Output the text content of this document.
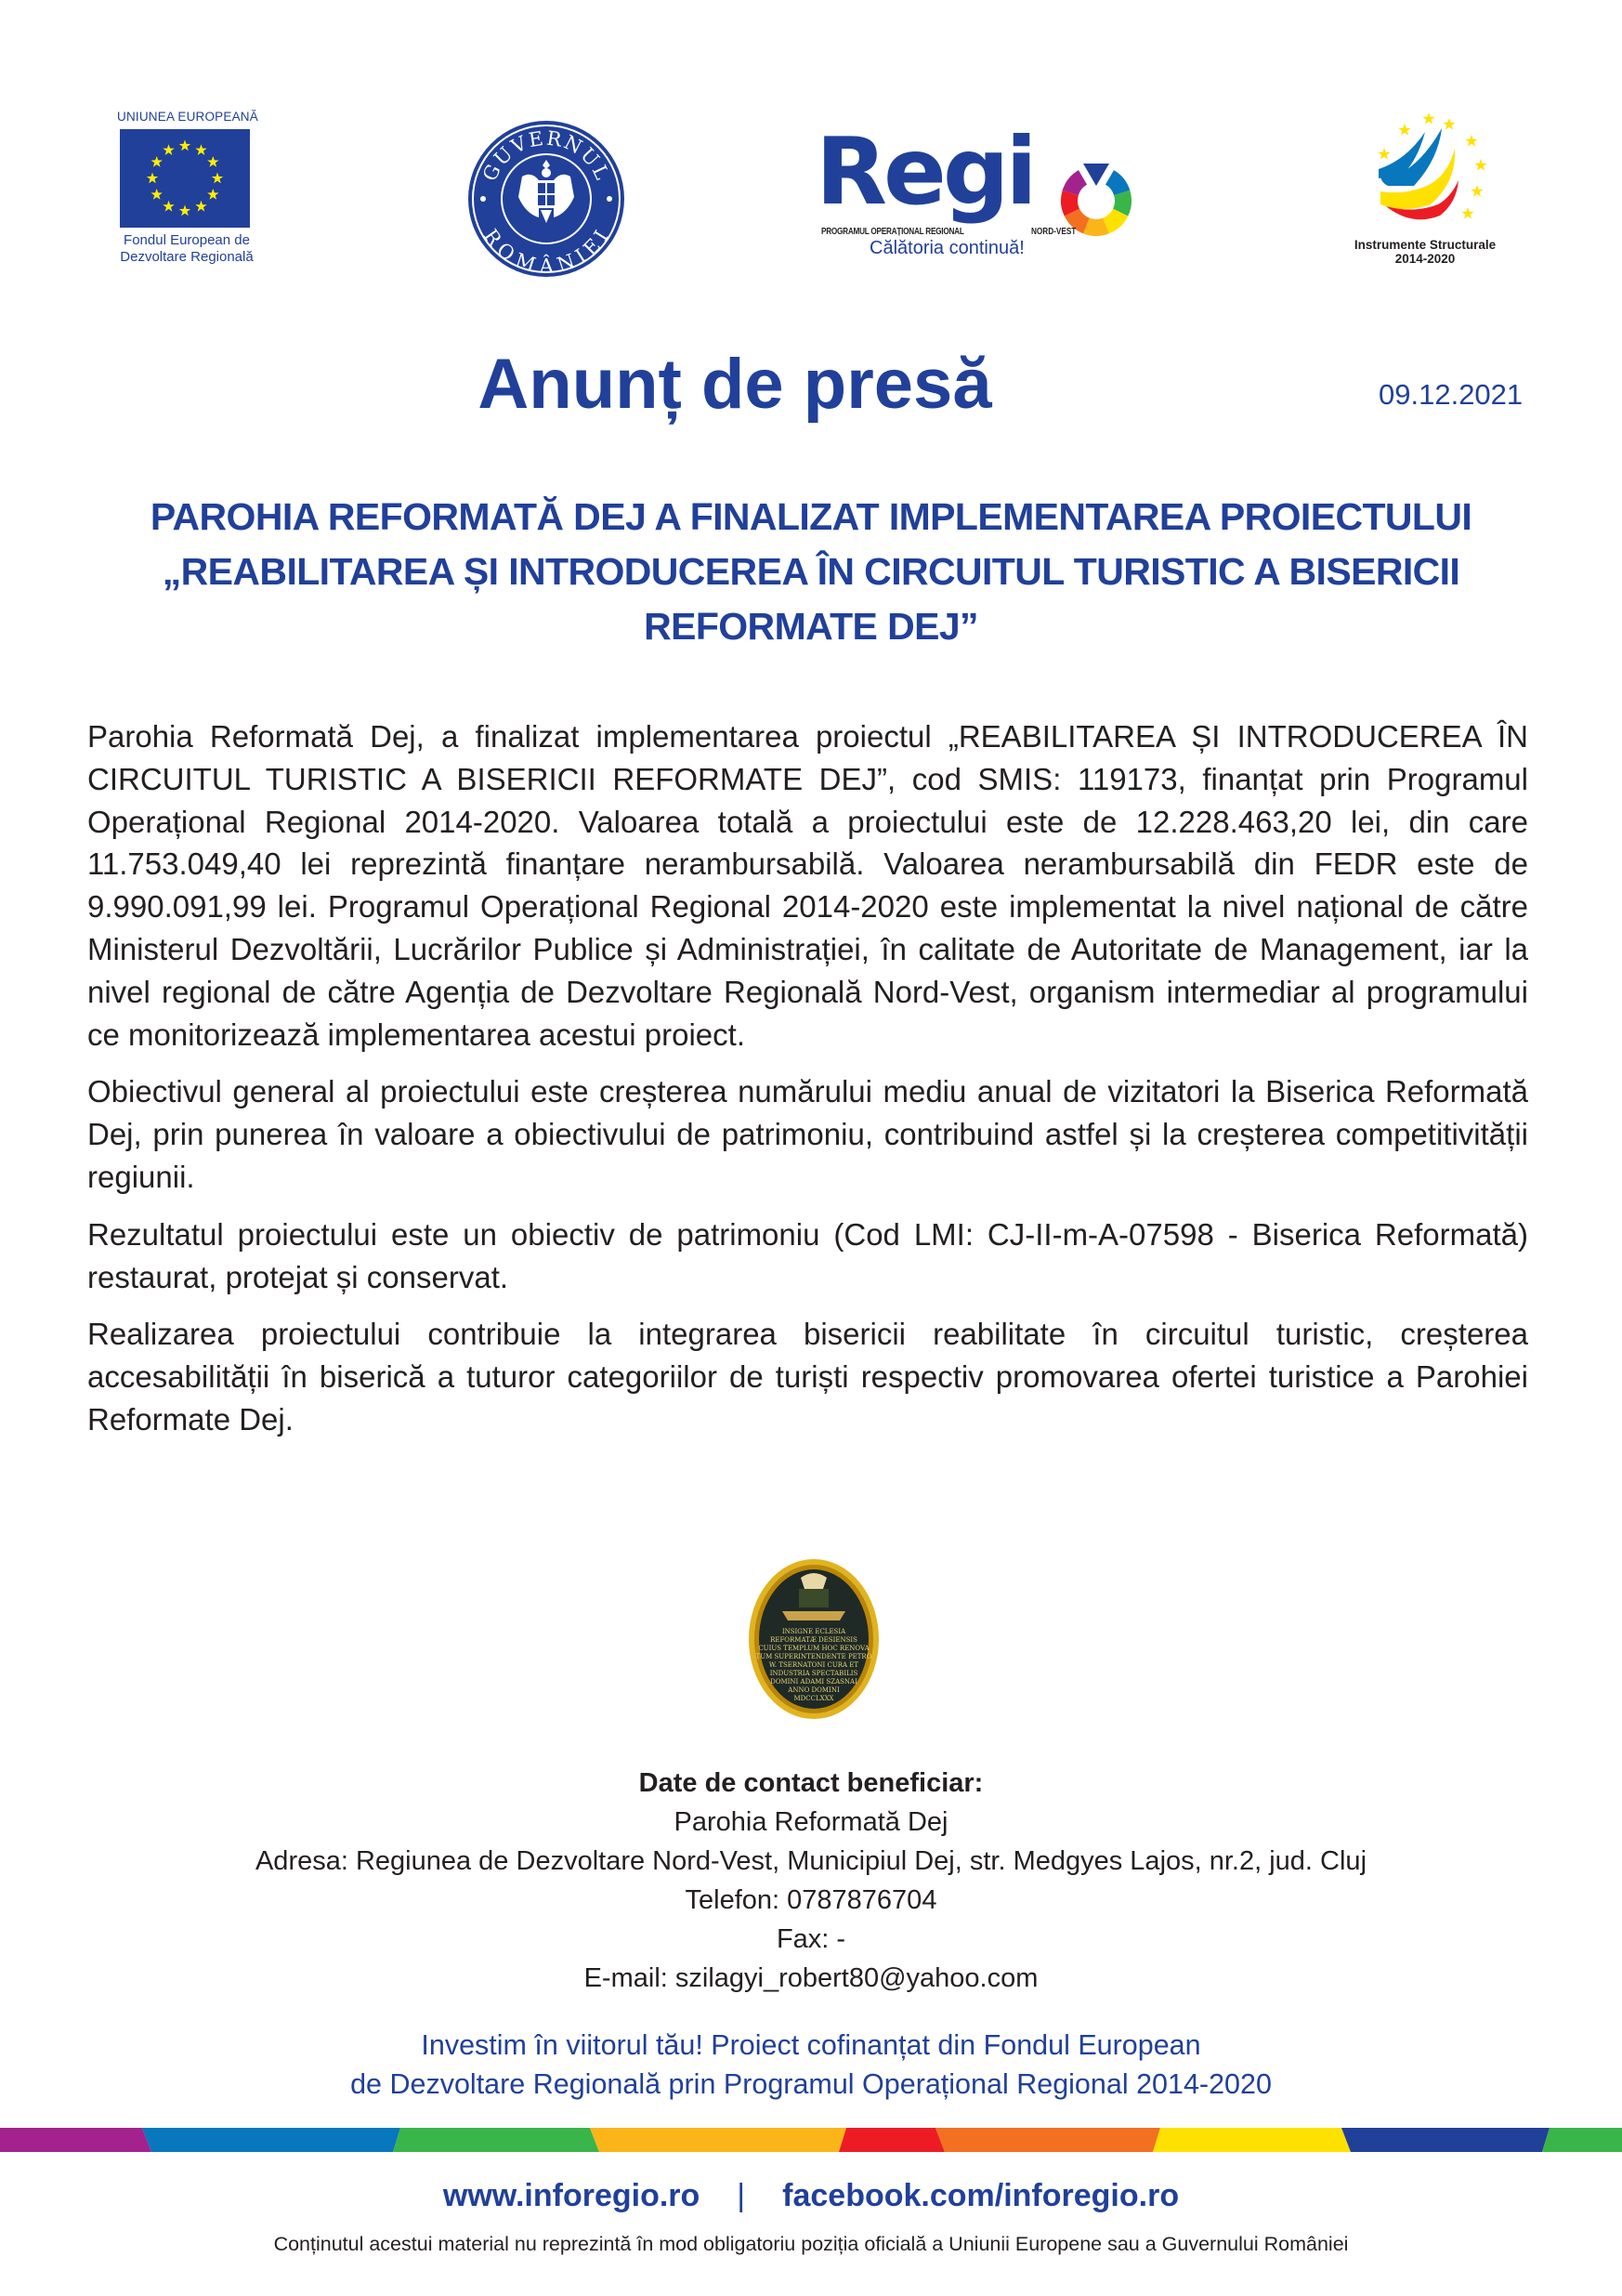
UNIUNEA EUROPEANĂ
Fondul European de
Dezvoltare Regională
GUVERNUL
ROMÂNIEI
Regi
PROGRAMUL OPERAȚIONAL REGIONAL	NORD-VEST
Călătoria continuă!	Instrumente Structurale
2014-2020
Anunț de presă	09.12.2021
PAROHIA REFORMATĂ DEJ A FINALIZAT IMPLEMENTAREA PROIECTULUI „REABILITAREA ȘI INTRODUCEREA ÎN CIRCUITUL TURISTIC A BISERICII REFORMATE DEJ”

Parohia Reformată Dej, a finalizat implementarea proiectul „REABILITAREA ȘI INTRODUCEREA ÎN CIRCUITUL TURISTIC A BISERICII REFORMATE DEJ”, cod SMIS: 119173, finanțat prin Programul Operațional Regional 2014-2020. Valoarea totală a proiectului este de 12.228.463,20 lei, din care 11.753.049,40 lei reprezintă finanțare nerambursabilă. Valoarea nerambursabilă din FEDR este de 9.990.091,99 lei. Programul Operațional Regional 2014-2020 este implementat la nivel național de către Ministerul Dezvoltării, Lucrărilor Publice și Administrației, în calitate de Autoritate de Management, iar la nivel regional de către Agenția de Dezvoltare Regională Nord-Vest, organism intermediar al programului ce monitorizează implementarea acestui proiect.

Obiectivul general al proiectului este creșterea numărului mediu anual de vizitatori la Biserica Reformată Dej, prin punerea în valoare a obiectivului de patrimoniu, contribuind astfel și la creșterea competitivității regiunii.

Rezultatul proiectului este un obiectiv de patrimoniu (Cod LMI: CJ-II-m-A-07598 - Biserica Reformată) restaurat, protejat și conservat.

Realizarea proiectului contribuie la integrarea bisericii reabilitate în circuitul turistic, creșterea accesabilității în biserică a tuturor categoriilor de turiști respectiv promovarea ofertei turistice a Parohiei Reformate Dej.

INSIGNE ECLESIA
REFORMATÆ DESIENSIS
CUIUS TEMPLUM HOC RENOVA
TUM SUPERINTENDENTE PETRO
W. TSERNATONI CURA ET
INDUSTRIA SPECTABILIS
DOMINI ADAMI SZASNAI
ANNO DOMINI
MDCCLXXX
Date de contact beneficiar:
Parohia Reformată Dej
Adresa: Regiunea de Dezvoltare Nord-Vest, Municipiul Dej, str. Medgyes Lajos, nr.2, jud. Cluj
Telefon: 0787876704
Fax: -
E-mail: szilagyi_robert80@yahoo.com
Investim în viitorul tău! Proiect cofinanțat din Fondul European
de Dezvoltare Regională prin Programul Operațional Regional 2014-2020
www.inforegio.ro | facebook.com/inforegio.ro
Conținutul acestui material nu reprezintă în mod obligatoriu poziția oficială a Uniunii Europene sau a Guvernului României
